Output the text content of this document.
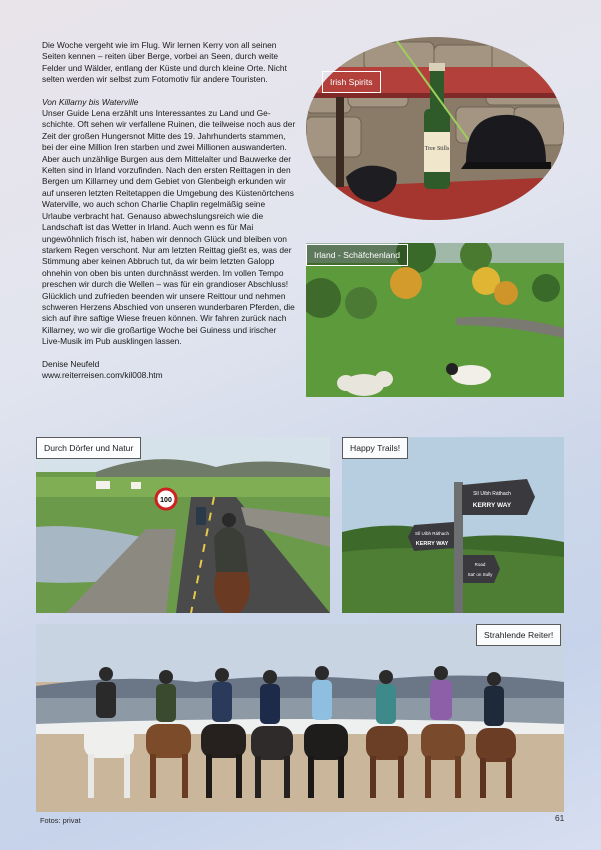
Die Woche vergeht wie im Flug. Wir lernen Kerry von all seinen Seiten kennen – reiten über Berge, vorbei an Seen, durch weite Felder und Wälder, entlang der Küste und durch kleine Orte. Nicht selten werden wir selbst zum Fotomotiv für andere Touristen.

Von Killarny bis Waterville

Unser Guide Lena erzählt uns Interessantes zu Land und Geschichte. Oft sehen wir verfallene Ruinen, die teilweise noch aus der Zeit der großen Hungersnot Mitte des 19. Jahrhunderts stammen, bei der eine Million Iren starben und zwei Millionen auswanderten. Aber auch unzählige Burgen aus dem Mittelalter und Bauwerke der Kelten sind in Irland vorzufinden. Nach den ersten Reittagen in den Bergen um Killarney und dem Gebiet von Glenbeigh erkunden wir auf unseren letzten Reitetappen die Umgebung des Küstenörtchens Waterville, wo auch schon Charlie Chaplin regelmäßig seine Urlaube verbracht hat. Genauso abwechslungsreich wie die Landschaft ist das Wetter in Irland. Auch wenn es für Mai ungewöhnlich frisch ist, haben wir dennoch Glück und bleiben von starkem Regen verschont. Nur am letzten Reittag gießt es, was der Stimmung aber keinen Abbruch tut, da wir beim letzten Galopp ohnehin von oben bis unten durchnässt werden. Im vollen Tempo preschen wir durch die Wellen – was für ein grandioser Abschluss! Glücklich und zufrieden beenden wir unsere Reittour und nehmen schweren Herzens Abschied von unseren wunderbaren Pferden, die sich auf ihre saftige Wiese freuen können. Wir fahren zurück nach Killarney, wo wir die großartige Woche bei Guiness und irischer Live-Musik im Pub ausklingen lassen.

Denise Neufeld

www.reiterreisen.com/kil008.htm

Tree Stills
Irish Spirits
Irland - Schäfchenland
100
Durch Dörfer und Natur
Slí Uíbh Ráthach
KERRY WAY
Slí Uíbh Ráthach
KERRY WAY
Road
Sat' on Sully
Happy Trails!
Strahlende Reiter!
Fotos: privat	61
